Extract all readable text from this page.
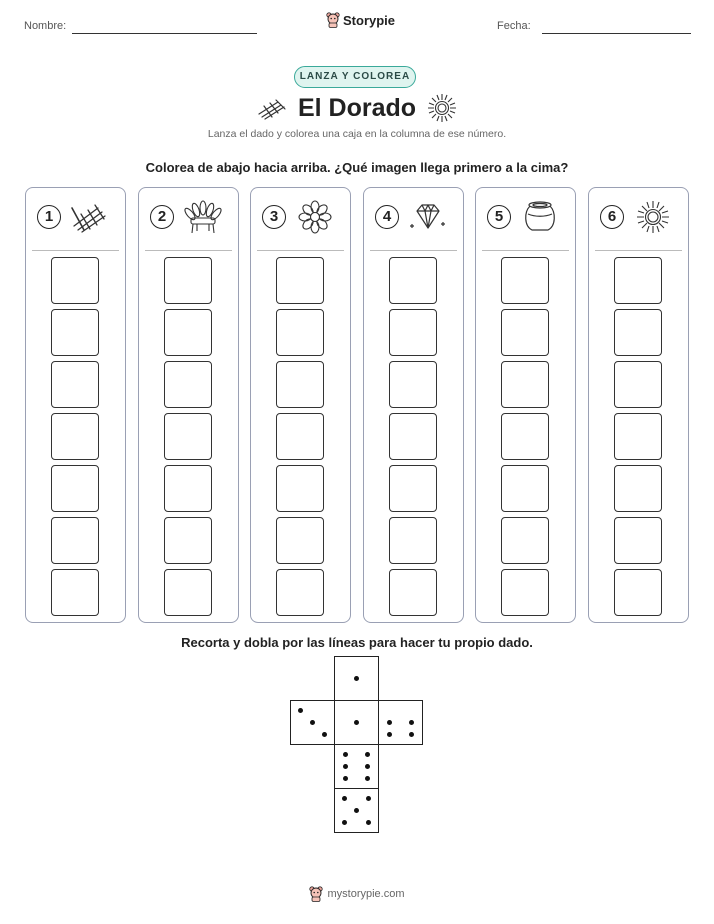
Nombre:	Storypie	Fecha:
LANZA Y COLOREA
El Dorado
Lanza el dado y colorea una caja en la columna de ese número.
Colorea de abajo hacia arriba. ¿Qué imagen llega primero a la cima?
1	2	3	4	5	6
Recorta y dobla por las líneas para hacer tu propio dado.
mystorypie.com
